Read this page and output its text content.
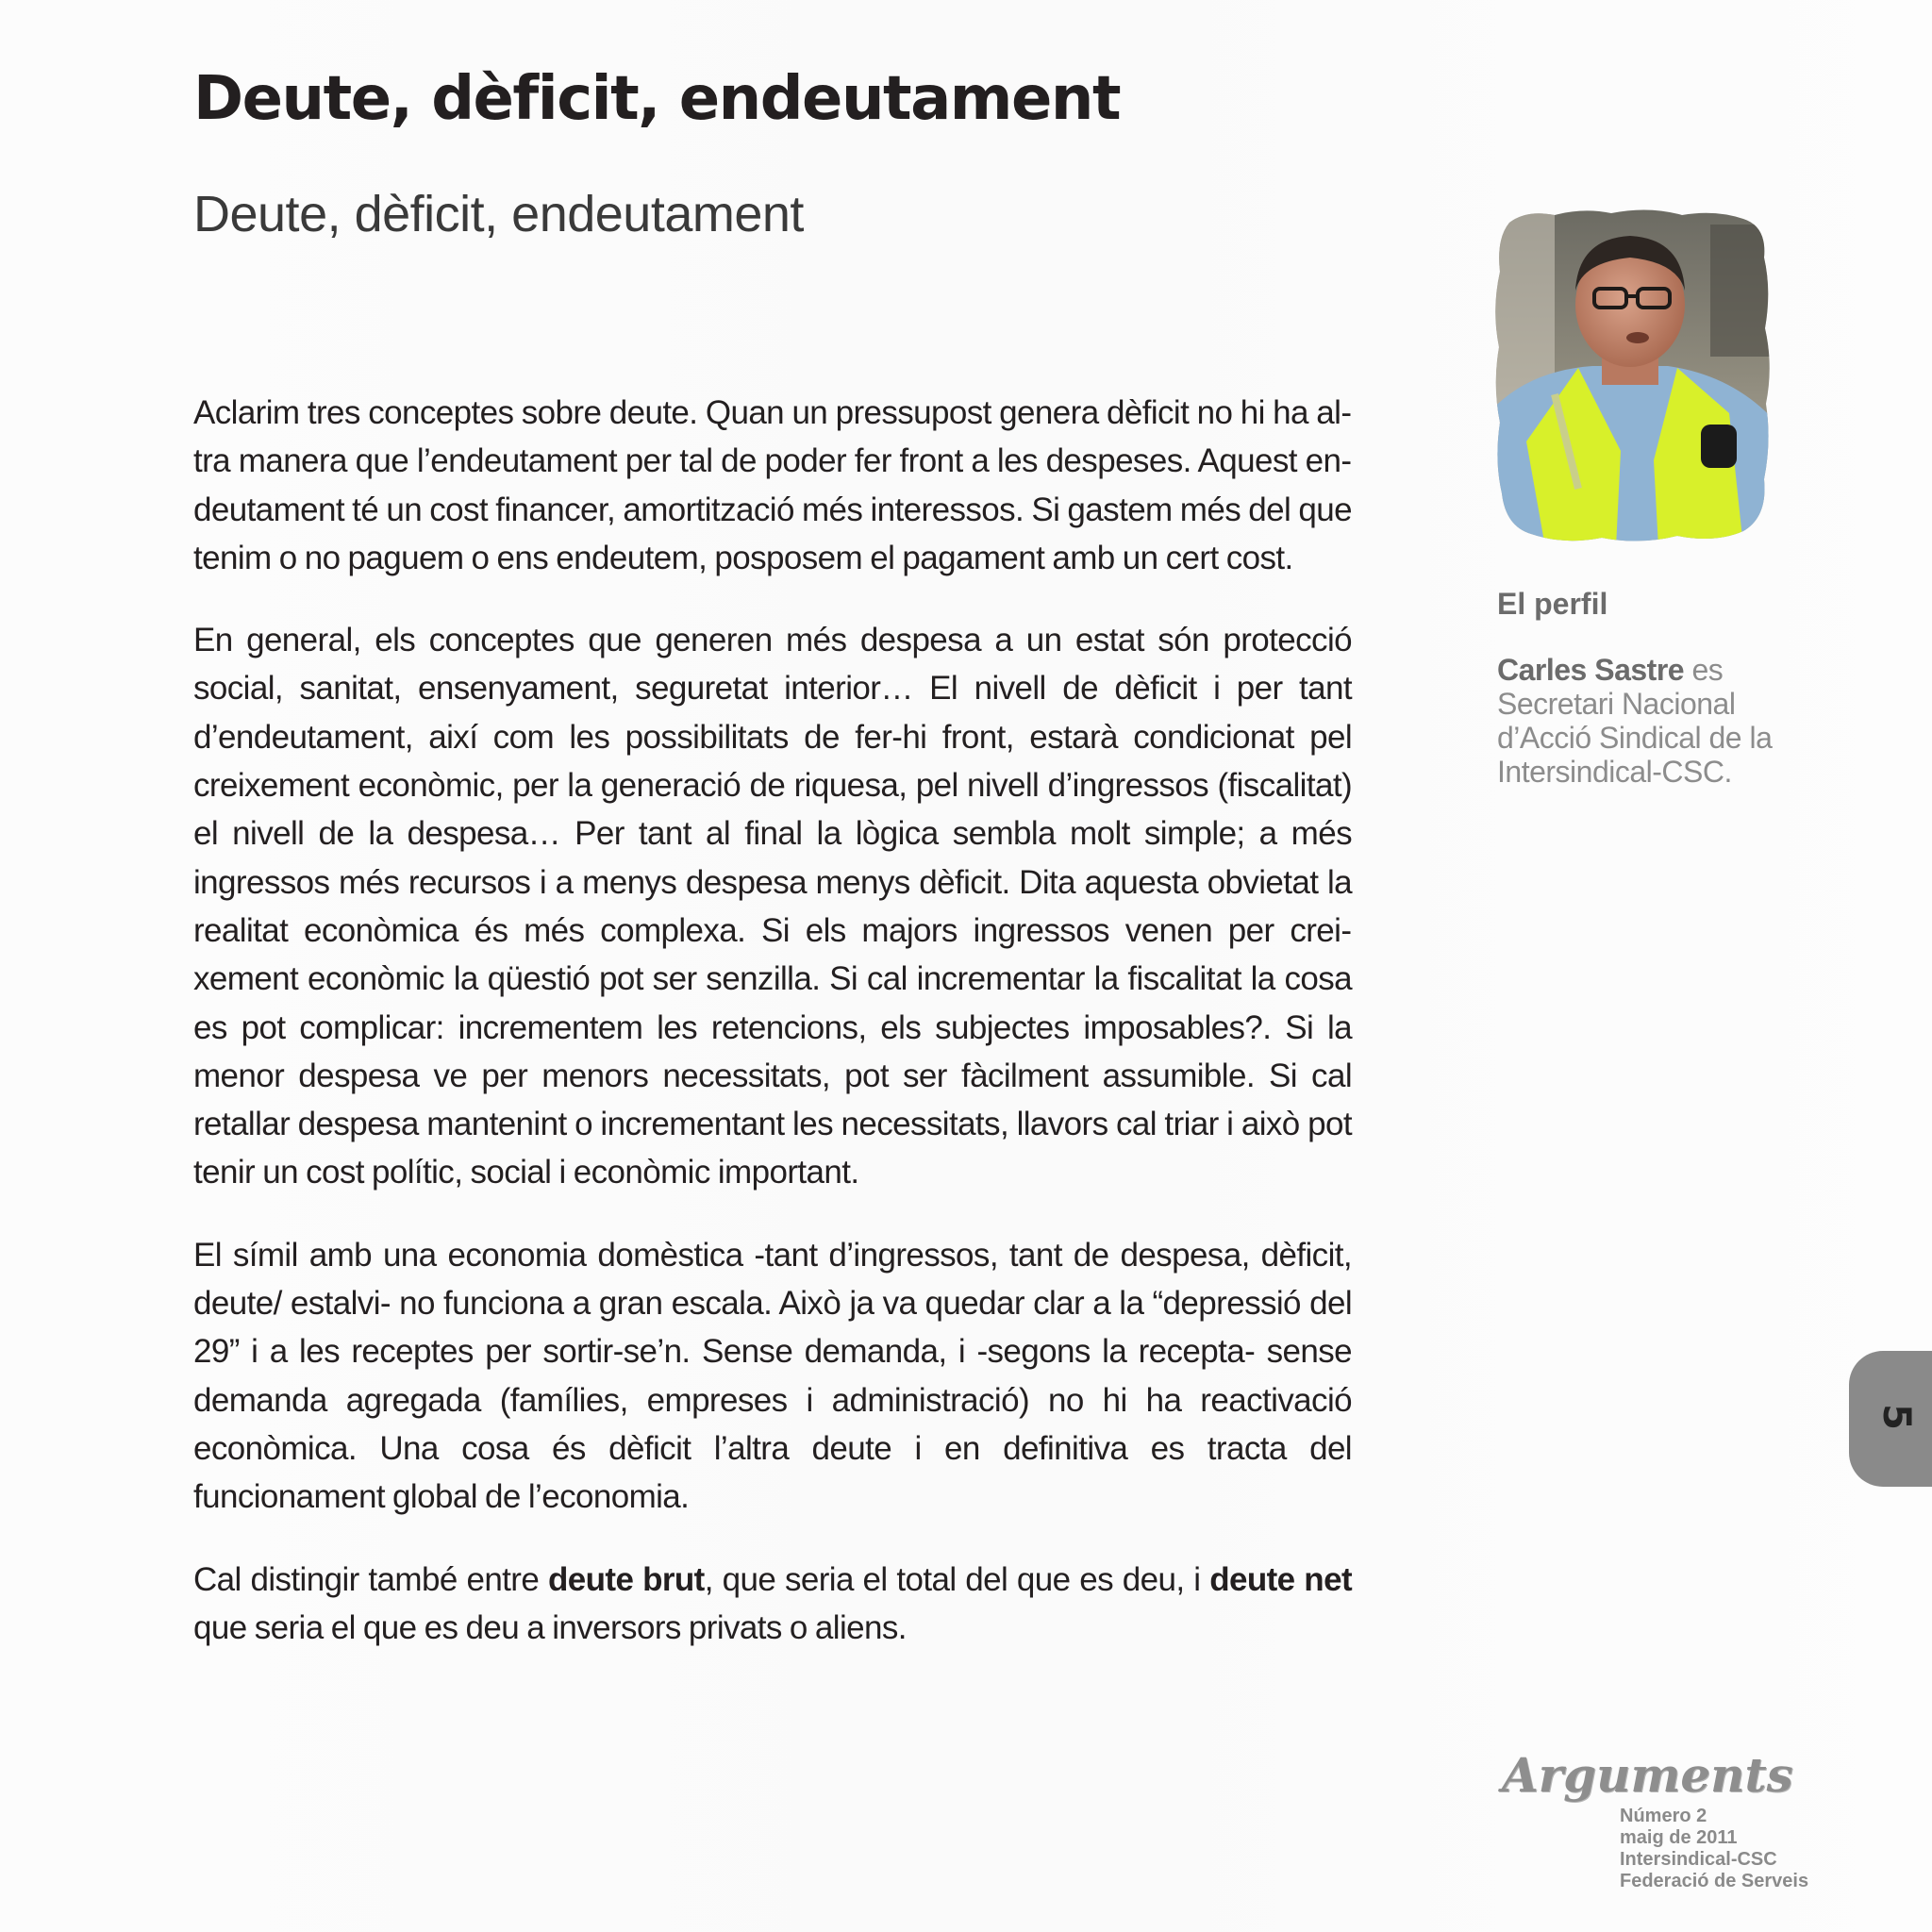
Deute, dèficit, endeutament
Deute, dèficit, endeutament

Aclarim tres conceptes sobre deute. Quan un pressupost genera dèficit no hi ha altra manera que l’endeutament per tal de poder fer front a les despeses. Aquest endeutament té un cost financer, amortització més interessos. Si gastem més del que tenim o no paguem o ens endeutem, posposem el pagament amb un cert cost.

En general, els conceptes que generen més despesa a un estat són protecció social, sanitat, ensenyament, seguretat interior… El nivell de dèficit i per tant d’endeutament, així com les possibilitats de fer-hi front, estarà condicionat pel creixement econòmic, per la generació de riquesa, pel nivell d’ingressos (fiscalitat) el nivell de la despesa… Per tant al final la lògica sembla molt simple; a més ingressos més recursos i a menys despesa menys dèficit. Dita aquesta obvietat la realitat econòmica és més complexa. Si els majors ingressos venen per creixement econòmic la qüestió pot ser senzilla. Si cal incrementar la fiscalitat la cosa es pot complicar: incrementem les retencions, els subjectes imposables?. Si la menor despesa ve per menors necessitats, pot ser fàcilment assumible. Si cal retallar despesa mantenint o incrementant les necessitats, llavors cal triar i això pot tenir un cost polític, social i econòmic important.

El símil amb una economia domèstica -tant d’ingressos, tant de despesa, dèficit, deute/ estalvi- no funciona a gran escala. Això ja va quedar clar a la “depressió del 29” i a les receptes per sortir-se’n. Sense demanda, i -segons la recepta- sense demanda agregada (famílies, empreses i administració) no hi ha reactivació econòmica. Una cosa és dèficit l’altra deute i en definitiva es tracta del funcionament global de l’economia.

Cal distingir també entre deute brut, que seria el total del que es deu, i deute net que seria el que es deu a inversors privats o aliens.

El perfil
Carles Sastre es Secretari Nacional d’Acció Sindical de la Intersindical-CSC.
5
Arguments
Número 2
maig de 2011
Intersindical-CSC
Federació de Serveis
